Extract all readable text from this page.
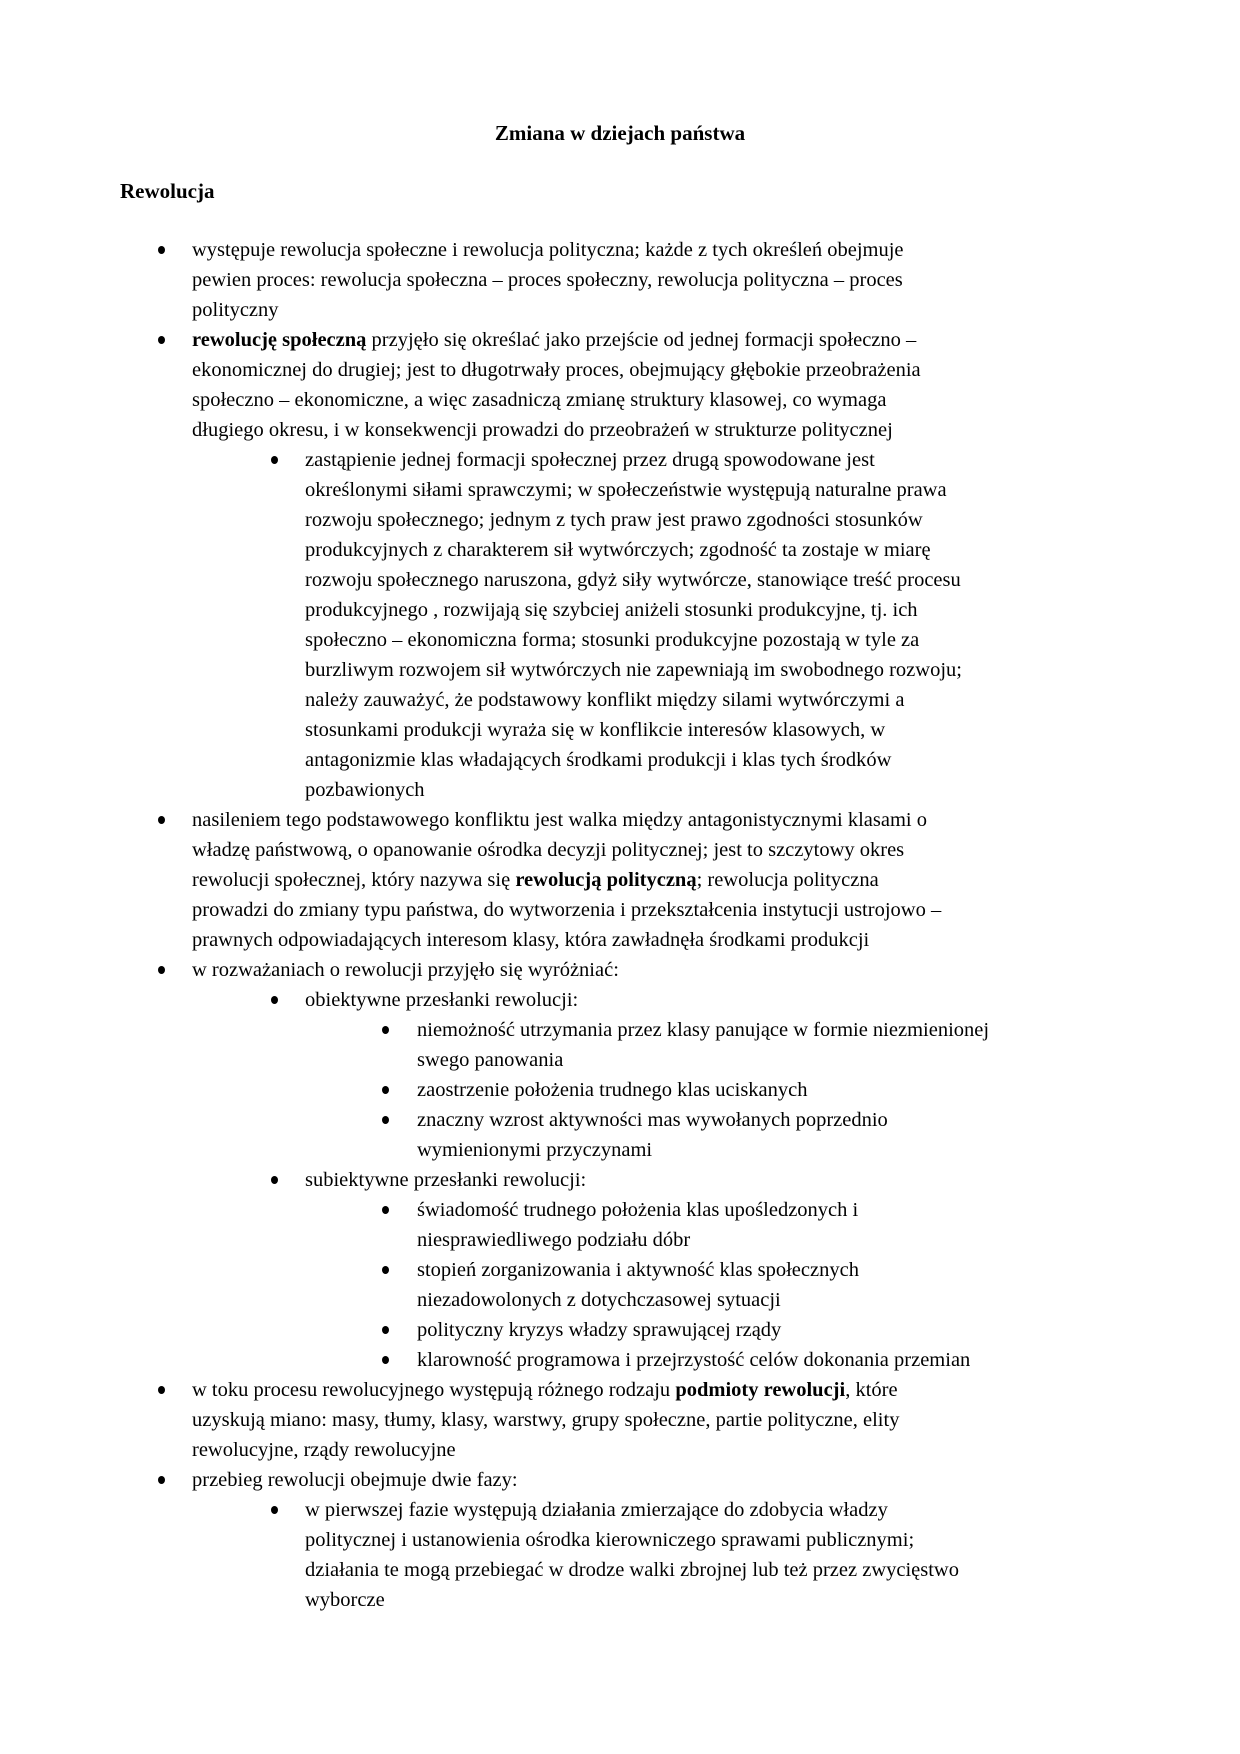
Zmiana w dziejach państwa
Rewolucja
występuje rewolucja społeczne i rewolucja polityczna; każde z tych określeń obejmuje
pewien proces: rewolucja społeczna – proces społeczny, rewolucja polityczna – proces
polityczny
rewolucję społeczną przyjęło się określać jako przejście od jednej formacji społeczno –
ekonomicznej do drugiej; jest to długotrwały proces, obejmujący głębokie przeobrażenia
społeczno – ekonomiczne, a więc zasadniczą zmianę struktury klasowej, co wymaga
długiego okresu, i w konsekwencji prowadzi do przeobrażeń w strukturze politycznej
zastąpienie jednej formacji społecznej przez drugą spowodowane jest
określonymi siłami sprawczymi; w społeczeństwie występują naturalne prawa
rozwoju społecznego; jednym z tych praw jest prawo zgodności stosunków
produkcyjnych z charakterem sił wytwórczych; zgodność ta zostaje w miarę
rozwoju społecznego naruszona, gdyż siły wytwórcze, stanowiące treść procesu
produkcyjnego , rozwijają się szybciej aniżeli stosunki produkcyjne, tj. ich
społeczno – ekonomiczna forma; stosunki produkcyjne pozostają w tyle za
burzliwym rozwojem sił wytwórczych nie zapewniają im swobodnego rozwoju;
należy zauważyć, że podstawowy konflikt między silami wytwórczymi a
stosunkami produkcji wyraża się w konflikcie interesów klasowych, w
antagonizmie klas władających środkami produkcji i klas tych środków
pozbawionych
nasileniem tego podstawowego konfliktu jest walka między antagonistycznymi klasami o
władzę państwową, o opanowanie ośrodka decyzji politycznej; jest to szczytowy okres
rewolucji społecznej, który nazywa się rewolucją polityczną; rewolucja polityczna
prowadzi do zmiany typu państwa, do wytworzenia i przekształcenia instytucji ustrojowo –
prawnych odpowiadających interesom klasy, która zawładnęła środkami produkcji
w rozważaniach o rewolucji przyjęło się wyróżniać:
obiektywne przesłanki rewolucji:
niemożność utrzymania przez klasy panujące w formie niezmienionej
swego panowania
zaostrzenie położenia trudnego klas uciskanych
znaczny wzrost aktywności mas wywołanych poprzednio
wymienionymi przyczynami
subiektywne przesłanki rewolucji:
świadomość trudnego położenia klas upośledzonych i
niesprawiedliwego podziału dóbr
stopień zorganizowania i aktywność klas społecznych
niezadowolonych z dotychczasowej sytuacji
polityczny kryzys władzy sprawującej rządy
klarowność programowa i przejrzystość celów dokonania przemian
w toku procesu rewolucyjnego występują różnego rodzaju podmioty rewolucji, które
uzyskują miano: masy, tłumy, klasy, warstwy, grupy społeczne, partie polityczne, elity
rewolucyjne, rządy rewolucyjne
przebieg rewolucji obejmuje dwie fazy:
w pierwszej fazie występują działania zmierzające do zdobycia władzy
politycznej i ustanowienia ośrodka kierowniczego sprawami publicznymi;
działania te mogą przebiegać w drodze walki zbrojnej lub też przez zwycięstwo
wyborcze
